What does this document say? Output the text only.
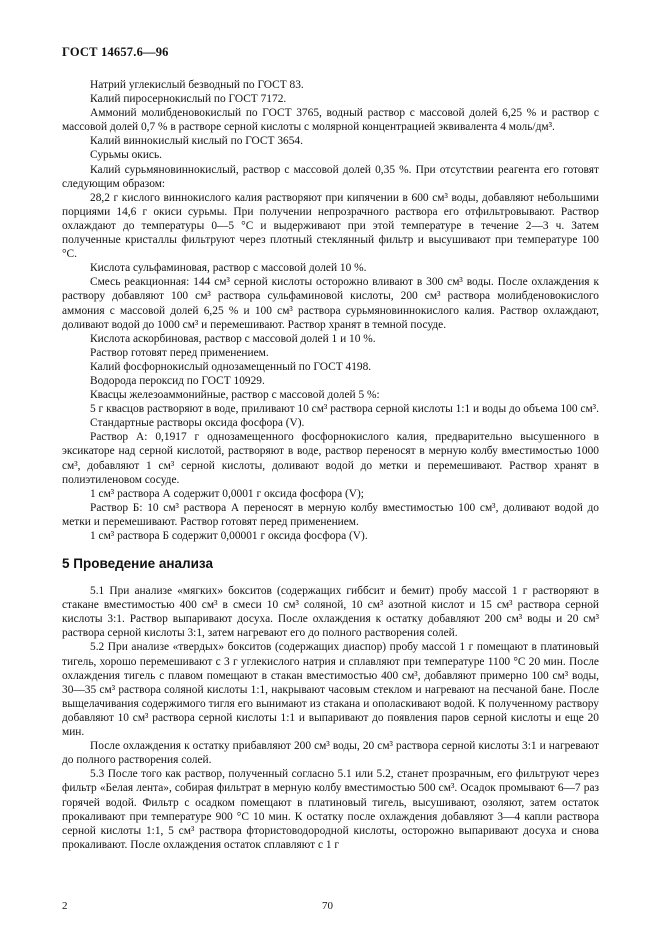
ГОСТ 14657.6—96

Натрий углекислый безводный по ГОСТ 83.

Калий пиросернокислый по ГОСТ 7172.

Аммоний молибденовокислый по ГОСТ 3765, водный раствор с массовой долей 6,25 % и раствор с массовой долей 0,7 % в растворе серной кислоты с молярной концентрацией эквивалента 4 моль/дм³.

Калий виннокислый кислый по ГОСТ 3654.

Сурьмы окись.

Калий сурьмяновиннокислый, раствор с массовой долей 0,35 %. При отсутствии реагента его готовят следующим образом:

28,2 г кислого виннокислого калия растворяют при кипячении в 600 см³ воды, добавляют небольшими порциями 14,6 г окиси сурьмы. При получении непрозрачного раствора его отфильтровывают. Раствор охлаждают до температуры 0—5 °С и выдерживают при этой температуре в течение 2—3 ч. Затем полученные кристаллы фильтруют через плотный стеклянный фильтр и высушивают при температуре 100 °С.

Кислота сульфаминовая, раствор с массовой долей 10 %.

Смесь реакционная: 144 см³ серной кислоты осторожно вливают в 300 см³ воды. После охлаждения к раствору добавляют 100 см³ раствора сульфаминовой кислоты, 200 см³ раствора молибденовокислого аммония с массовой долей 6,25 % и 100 см³ раствора сурьмяновиннокислого калия. Раствор охлаждают, доливают водой до 1000 см³ и перемешивают. Раствор хранят в темной посуде.

Кислота аскорбиновая, раствор с массовой долей 1 и 10 %.

Раствор готовят перед применением.

Калий фосфорнокислый однозамещенный по ГОСТ 4198.

Водорода пероксид по ГОСТ 10929.

Квасцы железоаммонийные, раствор с массовой долей 5 %:

5 г квасцов растворяют в воде, приливают 10 см³ раствора серной кислоты 1:1 и воды до объема 100 см³.

Стандартные растворы оксида фосфора (V).

Раствор А: 0,1917 г однозамещенного фосфорнокислого калия, предварительно высушенного в эксикаторе над серной кислотой, растворяют в воде, раствор переносят в мерную колбу вместимостью 1000 см³, добавляют 1 см³ серной кислоты, доливают водой до метки и перемешивают. Раствор хранят в полиэтиленовом сосуде.

1 см³ раствора А содержит 0,0001 г оксида фосфора (V);

Раствор Б: 10 см³ раствора А переносят в мерную колбу вместимостью 100 см³, доливают водой до метки и перемешивают. Раствор готовят перед применением.

1 см³ раствора Б содержит 0,00001 г оксида фосфора (V).

5 Проведение анализа

5.1 При анализе «мягких» бокситов (содержащих гиббсит и бемит) пробу массой 1 г растворяют в стакане вместимостью 400 см³ в смеси 10 см³ соляной, 10 см³ азотной кислот и 15 см³ раствора серной кислоты 3:1. Раствор выпаривают досуха. После охлаждения к остатку добавляют 200 см³ воды и 20 см³ раствора серной кислоты 3:1, затем нагревают его до полного растворения солей.

5.2 При анализе «твердых» бокситов (содержащих диаспор) пробу массой 1 г помещают в платиновый тигель, хорошо перемешивают с 3 г углекислого натрия и сплавляют при температуре 1100 °С 20 мин. После охлаждения тигель с плавом помещают в стакан вместимостью 400 см³, добавляют примерно 100 см³ воды, 30—35 см³ раствора соляной кислоты 1:1, накрывают часовым стеклом и нагревают на песчаной бане. После выщелачивания содержимого тигля его вынимают из стакана и ополаскивают водой. К полученному раствору добавляют 10 см³ раствора серной кислоты 1:1 и выпаривают до появления паров серной кислоты и еще 20 мин.

После охлаждения к остатку прибавляют 200 см³ воды, 20 см³ раствора серной кислоты 3:1 и нагревают до полного растворения солей.

5.3 После того как раствор, полученный согласно 5.1 или 5.2, станет прозрачным, его фильтруют через фильтр «Белая лента», собирая фильтрат в мерную колбу вместимостью 500 см³. Осадок промывают 6—7 раз горячей водой. Фильтр с осадком помещают в платиновый тигель, высушивают, озоляют, затем остаток прокаливают при температуре 900 °С 10 мин. К остатку после охлаждения добавляют 3—4 капли раствора серной кислоты 1:1, 5 см³ раствора фтористоводородной кислоты, осторожно выпаривают досуха и снова прокаливают. После охлаждения остаток сплавляют с 1 г

2	70
